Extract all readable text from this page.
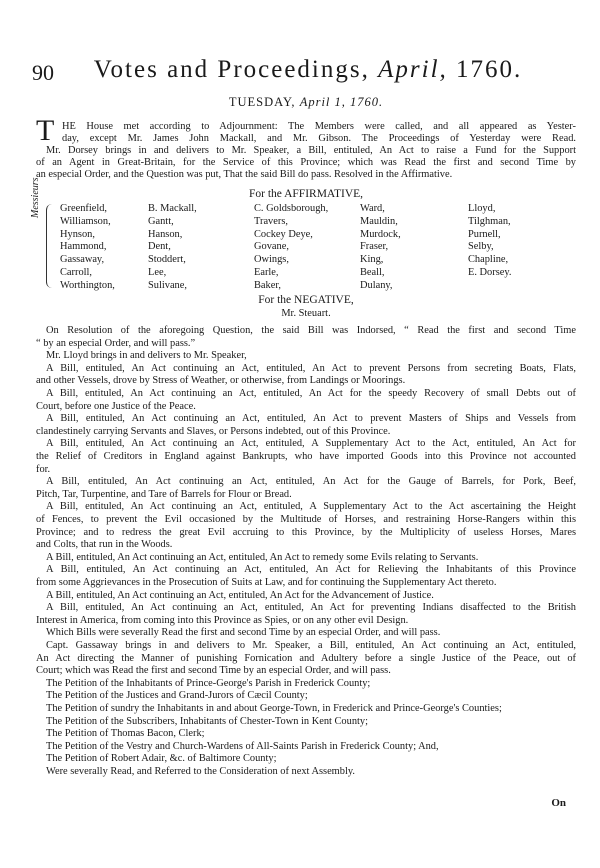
90	Votes and Proceedings, April, 1760.
TUESDAY, April 1, 1760.
T HE House met according to Adjournment: The Members were called, and all appeared as Yester-
day, except Mr. James John Mackall, and Mr. Gibson. The Proceedings of Yesterday were Read.
Mr. Dorsey brings in and delivers to Mr. Speaker, a Bill, entituled, An Act to raise a Fund for the Support
of an Agent in Great-Britain, for the Service of this Province; which was Read the first and second Time by
an especial Order, and the Question was put, That the said Bill do pass. Resolved in the Affirmative.
For the AFFIRMATIVE,
Messieurs Greenfield,
Williamson,
Hynson,
Hammond,
Gassaway,
Carroll,
Worthington,
B. Mackall,
Gantt,
Hanson,
Dent,
Stoddert,
Lee,
Sulivane,
C. Goldsborough,
Travers,
Cockey Deye,
Govane,
Owings,
Earle,
Baker,
Ward,
Mauldin,
Murdock,
Fraser,
King,
Beall,
Dulany,
Lloyd,
Tilghman,
Purnell,
Selby,
Chapline,
E. Dorsey.
For the NEGATIVE,
Mr. Steuart.
On Resolution of the aforegoing Question, the said Bill was Indorsed, “ Read the first and second Time
“ by an especial Order, and will pass.”
Mr. Lloyd brings in and delivers to Mr. Speaker,
A Bill, entituled, An Act continuing an Act, entituled, An Act to prevent Persons from secreting Boats, Flats,
and other Vessels, drove by Stress of Weather, or otherwise, from Landings or Moorings.
A Bill, entituled, An Act continuing an Act, entituled, An Act for the speedy Recovery of small Debts out of
Court, before one Justice of the Peace.
A Bill, entituled, An Act continuing an Act, entituled, An Act to prevent Masters of Ships and Vessels from
clandestinely carrying Servants and Slaves, or Persons indebted, out of this Province.
A Bill, entituled, An Act continuing an Act, entituled, A Supplementary Act to the Act, entituled, An Act for
the Relief of Creditors in England against Bankrupts, who have imported Goods into this Province not accounted
for.
A Bill, entituled, An Act continuing an Act, entituled, An Act for the Gauge of Barrels, for Pork, Beef,
Pitch, Tar, Turpentine, and Tare of Barrels for Flour or Bread.
A Bill, entituled, An Act continuing an Act, entituled, A Supplementary Act to the Act ascertaining the Height
of Fences, to prevent the Evil occasioned by the Multitude of Horses, and restraining Horse-Rangers within this
Province; and to redress the great Evil accruing to this Province, by the Multiplicity of useless Horses, Mares
and Colts, that run in the Woods.
A Bill, entituled, An Act continuing an Act, entituled, An Act to remedy some Evils relating to Servants.
A Bill, entituled, An Act continuing an Act, entituled, An Act for Relieving the Inhabitants of this Province
from some Aggrievances in the Prosecution of Suits at Law, and for continuing the Supplementary Act thereto.
A Bill, entituled, An Act continuing an Act, entituled, An Act for the Advancement of Justice.
A Bill, entituled, An Act continuing an Act, entituled, An Act for preventing Indians disaffected to the British
Interest in America, from coming into this Province as Spies, or on any other evil Design.
Which Bills were severally Read the first and second Time by an especial Order, and will pass.
Capt. Gassaway brings in and delivers to Mr. Speaker, a Bill, entituled, An Act continuing an Act, entituled,
An Act directing the Manner of punishing Fornication and Adultery before a single Justice of the Peace, out of
Court; which was Read the first and second Time by an especial Order, and will pass.
The Petition of the Inhabitants of Prince-George's Parish in Frederick County;
The Petition of the Justices and Grand-Jurors of Cæcil County;
The Petition of sundry the Inhabitants in and about George-Town, in Frederick and Prince-George's Counties;
The Petition of the Subscribers, Inhabitants of Chester-Town in Kent County;
The Petition of Thomas Bacon, Clerk;
The Petition of the Vestry and Church-Wardens of All-Saints Parish in Frederick County; And,
The Petition of Robert Adair, &c. of Baltimore County;
Were severally Read, and Referred to the Consideration of next Assembly.
On
